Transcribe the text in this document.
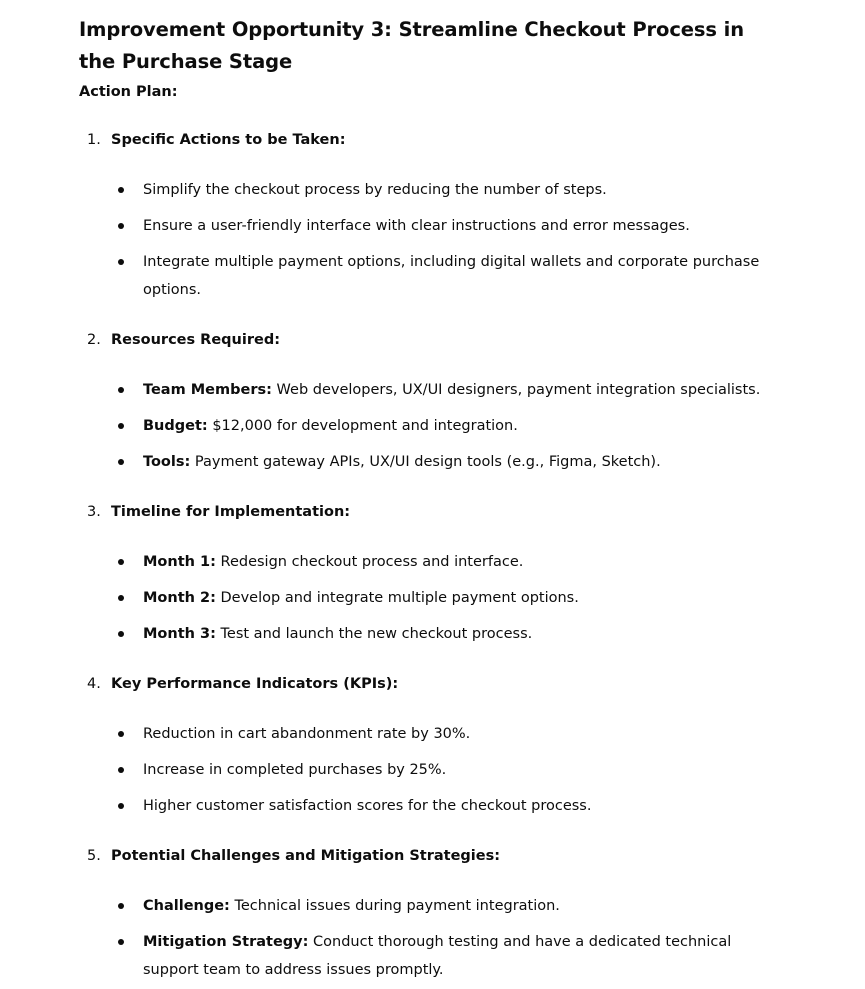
Improvement Opportunity 3: Streamline Checkout Process in the Purchase Stage
Action Plan:
1. Specific Actions to be Taken:
Simplify the checkout process by reducing the number of steps.
Ensure a user-friendly interface with clear instructions and error messages.
Integrate multiple payment options, including digital wallets and corporate purchase options.
2. Resources Required:
Team Members: Web developers, UX/UI designers, payment integration specialists.
Budget: $12,000 for development and integration.
Tools: Payment gateway APIs, UX/UI design tools (e.g., Figma, Sketch).
3. Timeline for Implementation:
Month 1: Redesign checkout process and interface.
Month 2: Develop and integrate multiple payment options.
Month 3: Test and launch the new checkout process.
4. Key Performance Indicators (KPIs):
Reduction in cart abandonment rate by 30%.
Increase in completed purchases by 25%.
Higher customer satisfaction scores for the checkout process.
5. Potential Challenges and Mitigation Strategies:
Challenge: Technical issues during payment integration.
Mitigation Strategy: Conduct thorough testing and have a dedicated technical support team to address issues promptly.
